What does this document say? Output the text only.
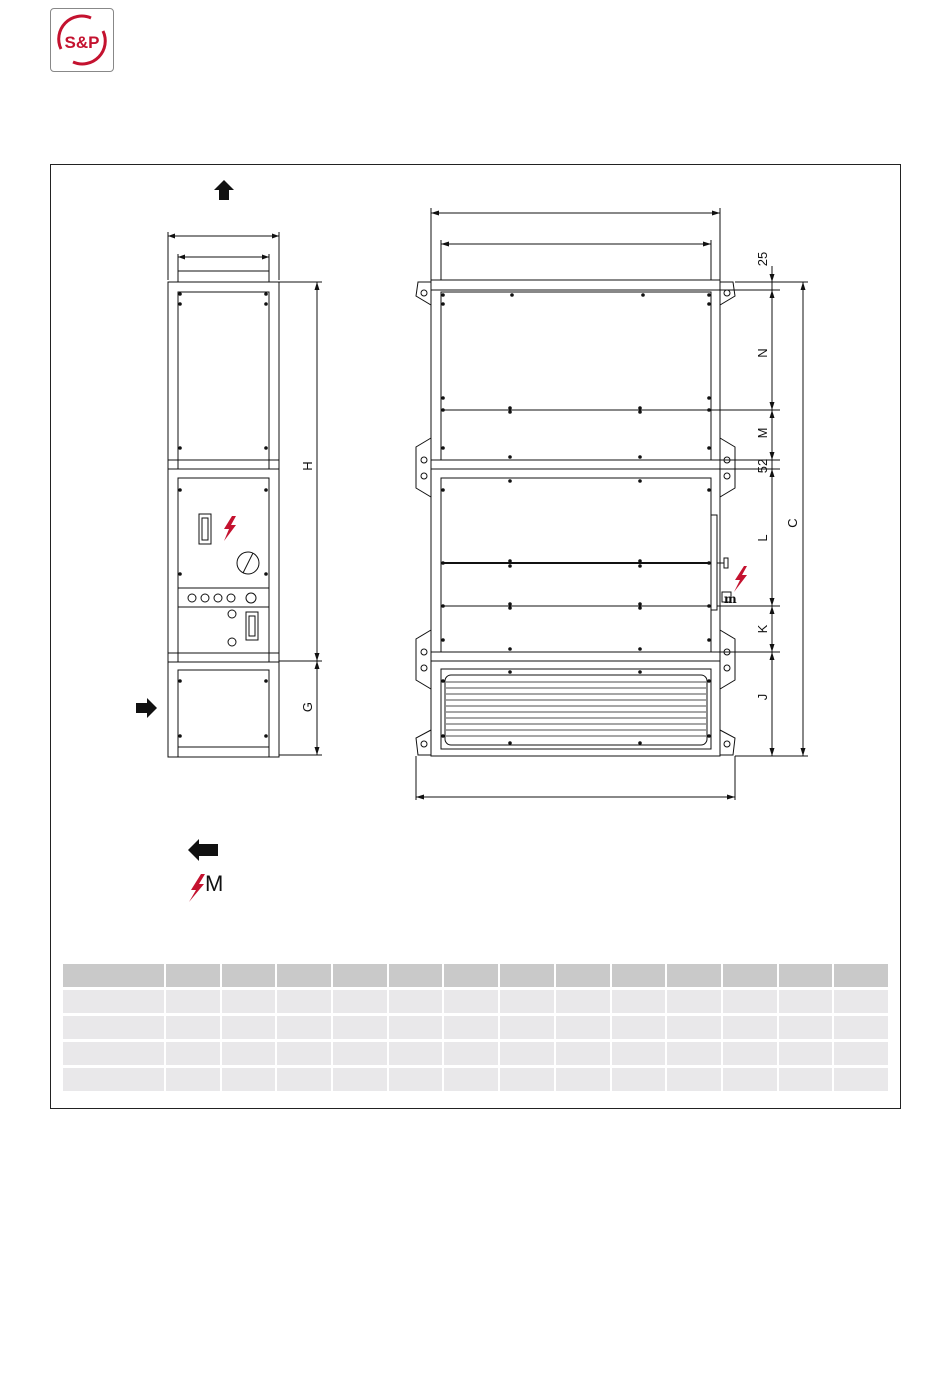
S&P
H
G
25
N
M
52
L
K
J
C
m
M
